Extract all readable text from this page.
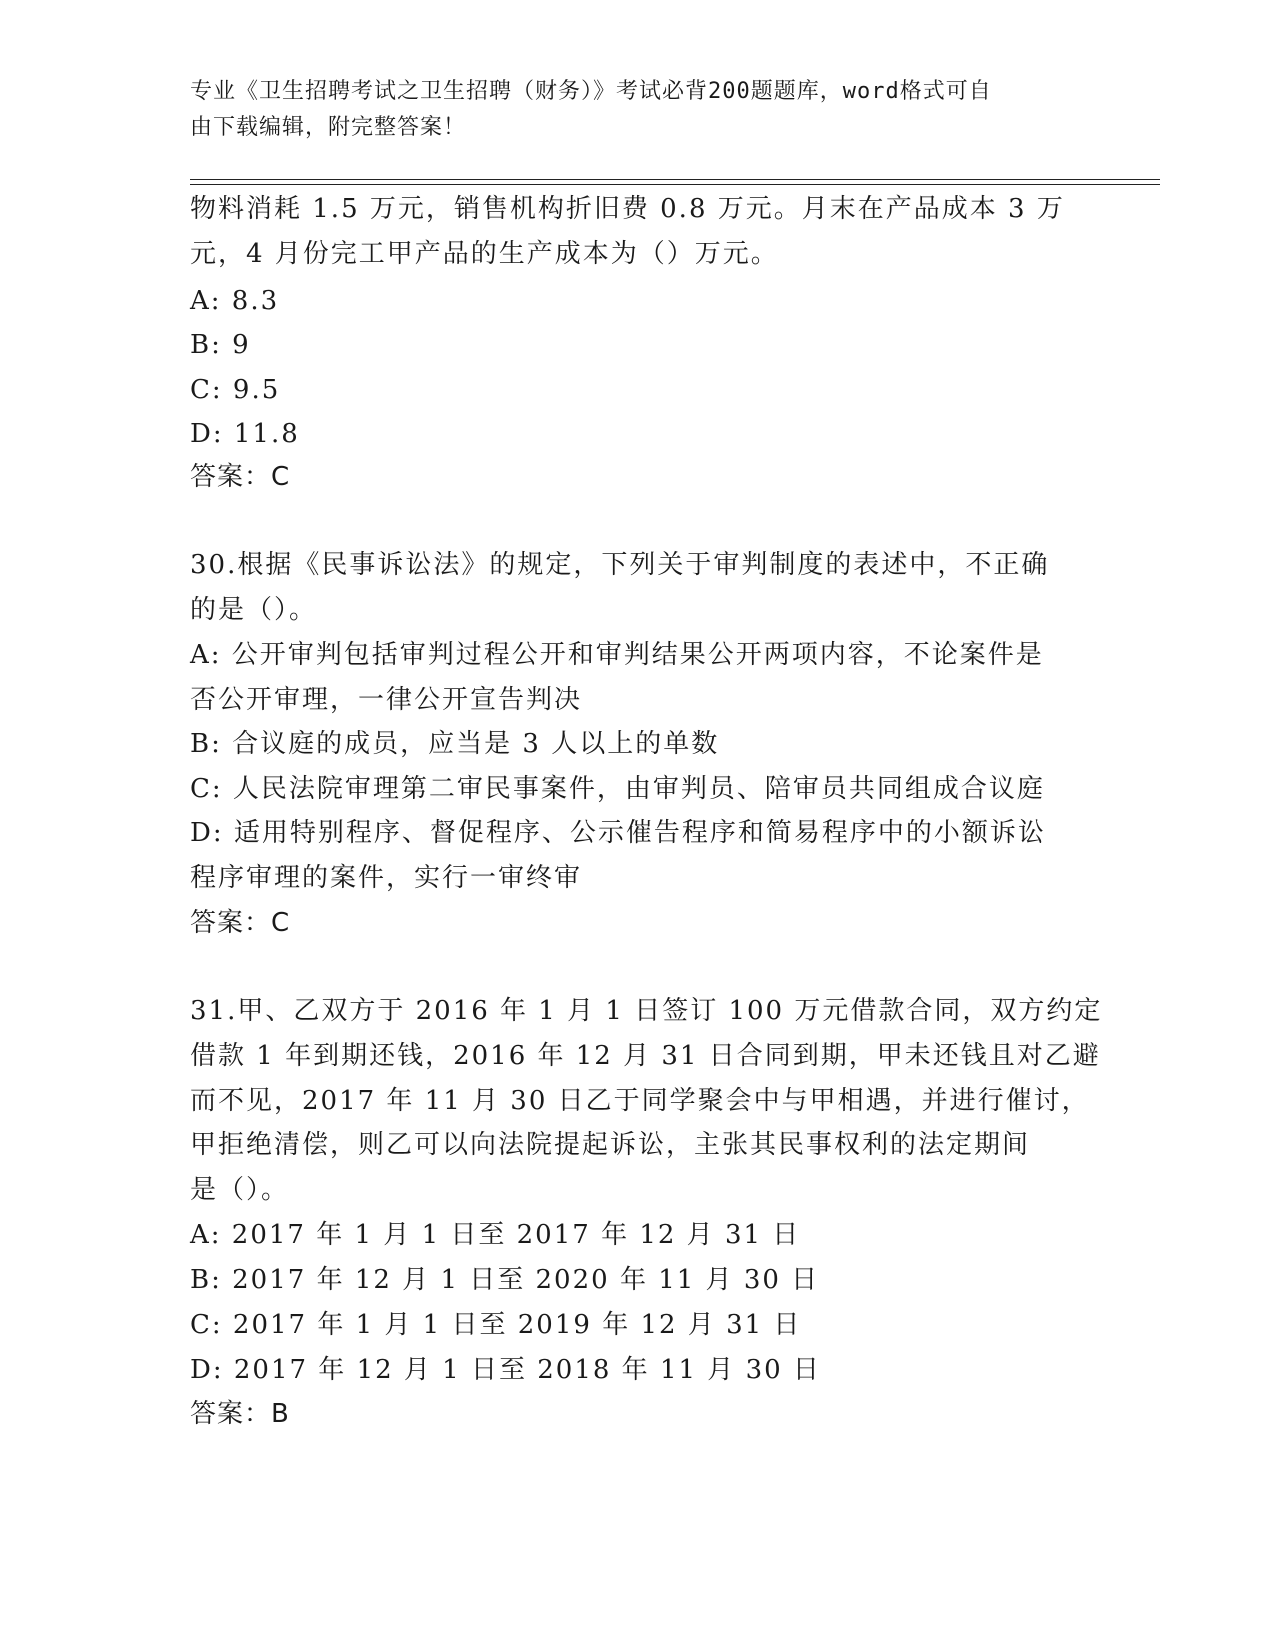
专业《卫生招聘考试之卫生招聘（财务）》考试必背200题题库，word格式可自
由下载编辑，附完整答案！
物料消耗 1.5 万元，销售机构折旧费 0.8 万元。月末在产品成本 3 万
元，4 月份完工甲产品的生产成本为（）万元。
A: 8.3
B: 9
C: 9.5
D: 11.8
答案：C
30.根据《民事诉讼法》的规定，下列关于审判制度的表述中，不正确
的是（）。
A: 公开审判包括审判过程公开和审判结果公开两项内容，不论案件是
否公开审理，一律公开宣告判决
B: 合议庭的成员，应当是 3 人以上的单数
C: 人民法院审理第二审民事案件，由审判员、陪审员共同组成合议庭
D: 适用特别程序、督促程序、公示催告程序和简易程序中的小额诉讼
程序审理的案件，实行一审终审
答案：C
31.甲、乙双方于 2016 年 1 月 1 日签订 100 万元借款合同，双方约定
借款 1 年到期还钱，2016 年 12 月 31 日合同到期，甲未还钱且对乙避
而不见，2017 年 11 月 30 日乙于同学聚会中与甲相遇，并进行催讨，
甲拒绝清偿，则乙可以向法院提起诉讼，主张其民事权利的法定期间
是（）。
A: 2017 年 1 月 1 日至 2017 年 12 月 31 日
B: 2017 年 12 月 1 日至 2020 年 11 月 30 日
C: 2017 年 1 月 1 日至 2019 年 12 月 31 日
D: 2017 年 12 月 1 日至 2018 年 11 月 30 日
答案：B
